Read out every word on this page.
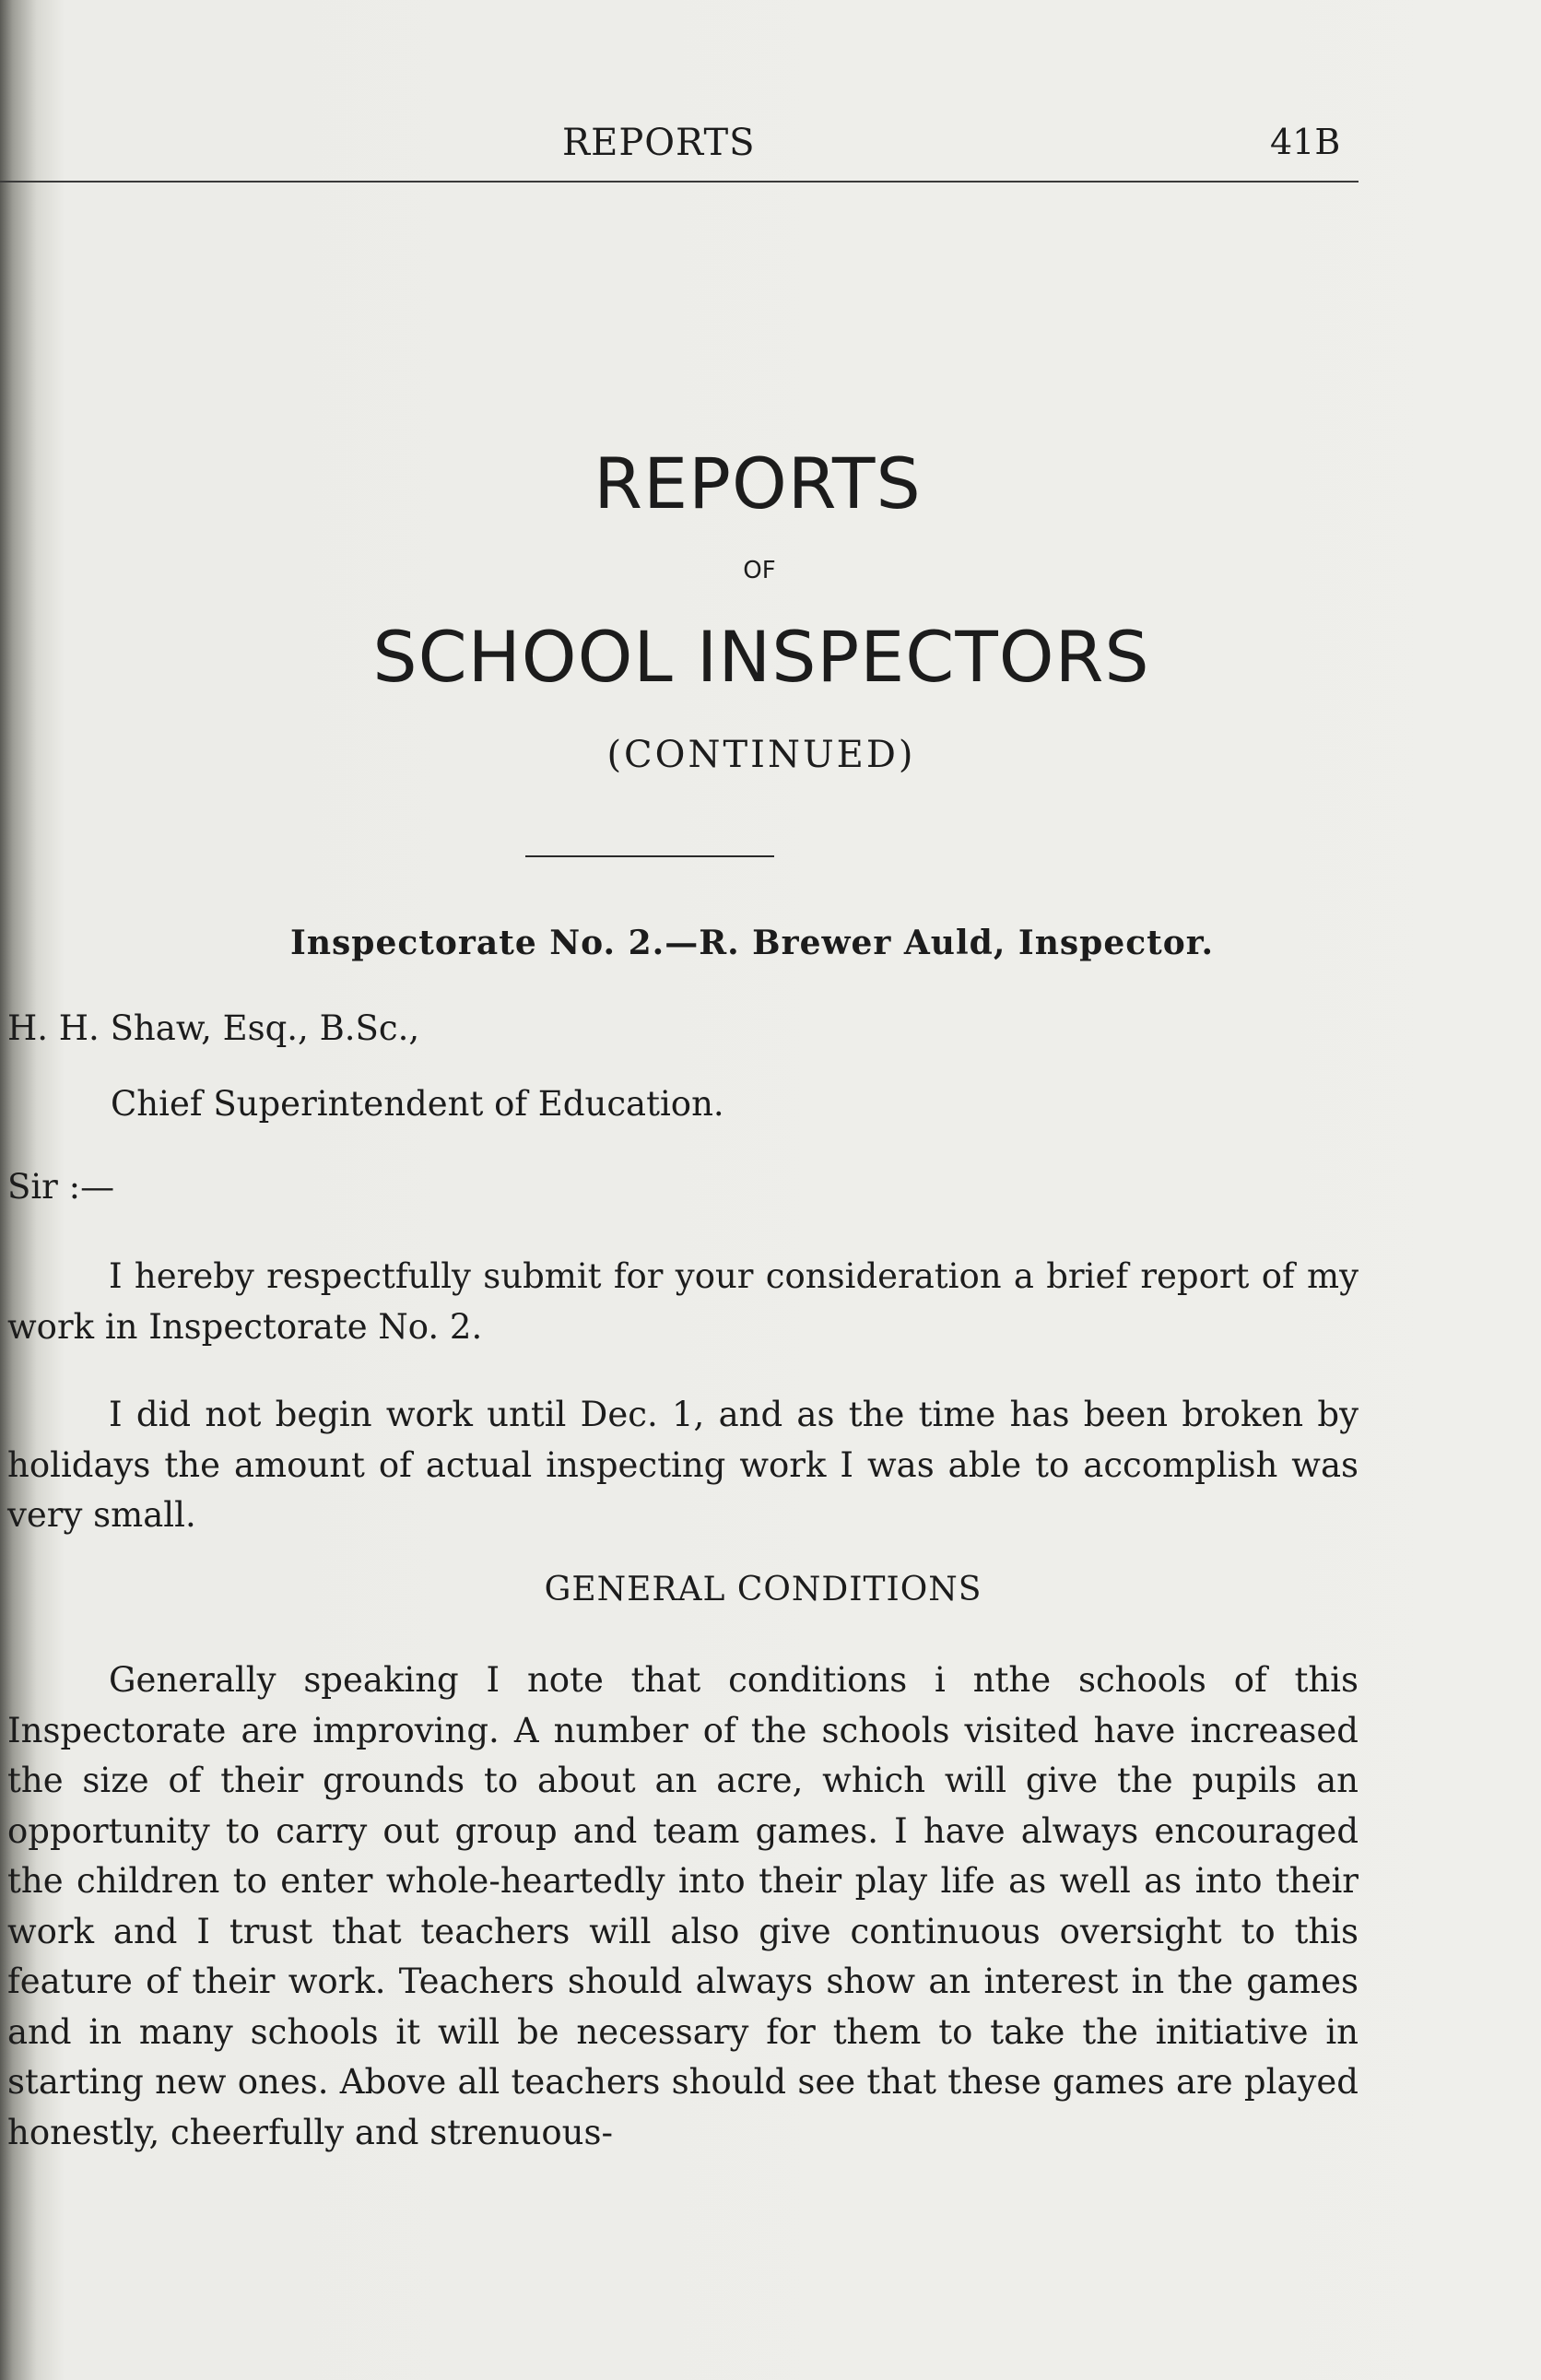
REPORTS	41B
REPORTS
OF
SCHOOL INSPECTORS
(CONTINUED)
Inspectorate No. 2.—R. Brewer Auld, Inspector.
H. H. Shaw, Esq., B.Sc.,
Chief Superintendent of Education.
Sir :—

I hereby respectfully submit for your consideration a brief report of my work in Inspectorate No. 2.

I did not begin work until Dec. 1, and as the time has been broken by holidays the amount of actual inspecting work I was able to accomplish was very small.

GENERAL CONDITIONS

Generally speaking I note that conditions i nthe schools of this Inspectorate are improving. A number of the schools visited have increased the size of their grounds to about an acre, which will give the pupils an opportunity to carry out group and team games. I have always encouraged the children to enter whole-heartedly into their play life as well as into their work and I trust that teachers will also give continuous oversight to this feature of their work. Teachers should always show an interest in the games and in many schools it will be necessary for them to take the initiative in starting new ones. Above all teachers should see that these games are played honestly, cheerfully and strenuous-
